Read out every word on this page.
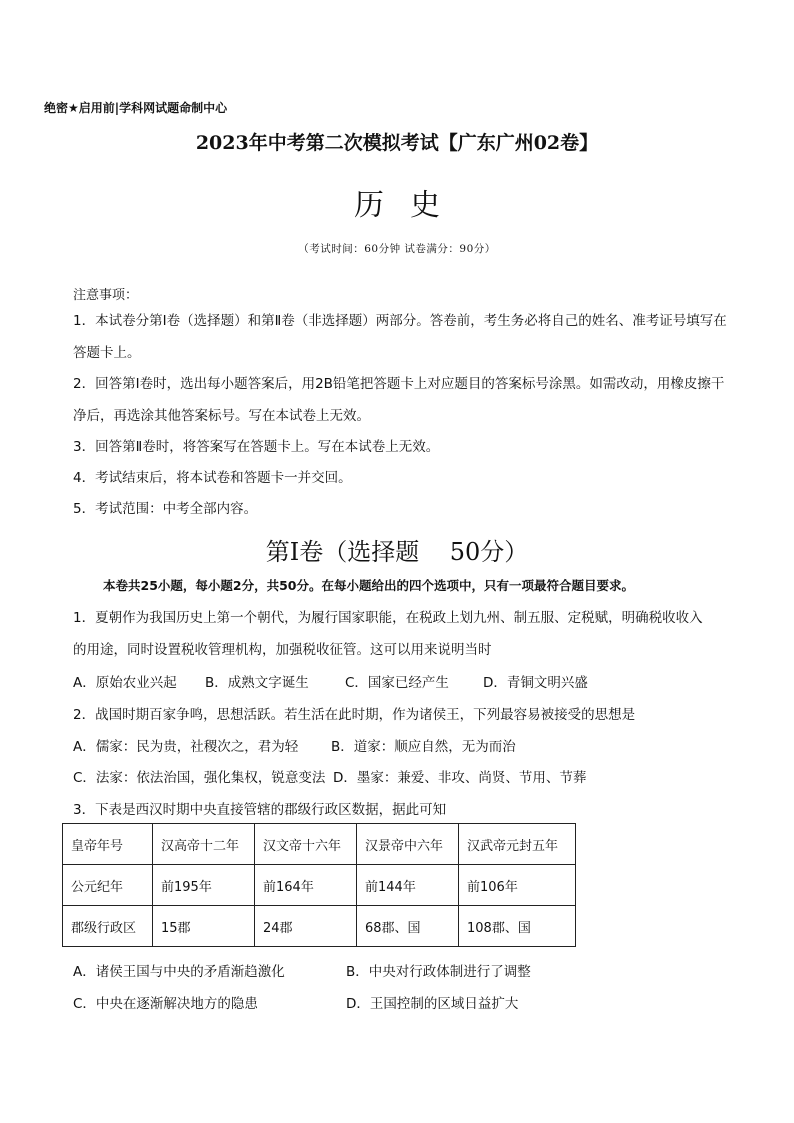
绝密★启用前|学科网试题命制中心
2023年中考第二次模拟考试【广东广州02卷】
历史
（考试时间：60分钟 试卷满分：90分）
注意事项：
1．本试卷分第Ⅰ卷（选择题）和第Ⅱ卷（非选择题）两部分。答卷前，考生务必将自己的姓名、准考证号填写在答题卡上。
2．回答第Ⅰ卷时，选出每小题答案后，用2B铅笔把答题卡上对应题目的答案标号涂黑。如需改动，用橡皮擦干净后，再选涂其他答案标号。写在本试卷上无效。
3．回答第Ⅱ卷时，将答案写在答题卡上。写在本试卷上无效。
4．考试结束后，将本试卷和答题卡一并交回。
5．考试范围：中考全部内容。
第Ⅰ卷（选择题    50分）
本卷共25小题，每小题2分，共50分。在每小题给出的四个选项中，只有一项最符合题目要求。
1．夏朝作为我国历史上第一个朝代，为履行国家职能，在税政上划九州、制五服、定税赋，明确税收收入
的用途，同时设置税收管理机构，加强税收征管。这可以用来说明当时
A．原始农业兴起 B．成熟文字诞生	C．国家已经产生	D．青铜文明兴盛
2．战国时期百家争鸣，思想活跃。若生活在此时期，作为诸侯王，下列最容易被接受的思想是
A．儒家：民为贵，社稷次之，君为轻 B．道家：顺应自然，无为而治
C．法家：依法治国，强化集权，锐意变法 D．墨家：兼爱、非攻、尚贤、节用、节葬
3．下表是西汉时期中央直接管辖的郡级行政区数据，据此可知
皇帝年号	汉高帝十二年	汉文帝十六年	汉景帝中六年	汉武帝元封五年
公元纪年	前195年	前164年	前144年	前106年
郡级行政区	15郡	24郡	68郡、国	108郡、国
A．诸侯王国与中央的矛盾渐趋激化	B．中央对行政体制进行了调整
C．中央在逐渐解决地方的隐患	D．王国控制的区域日益扩大
